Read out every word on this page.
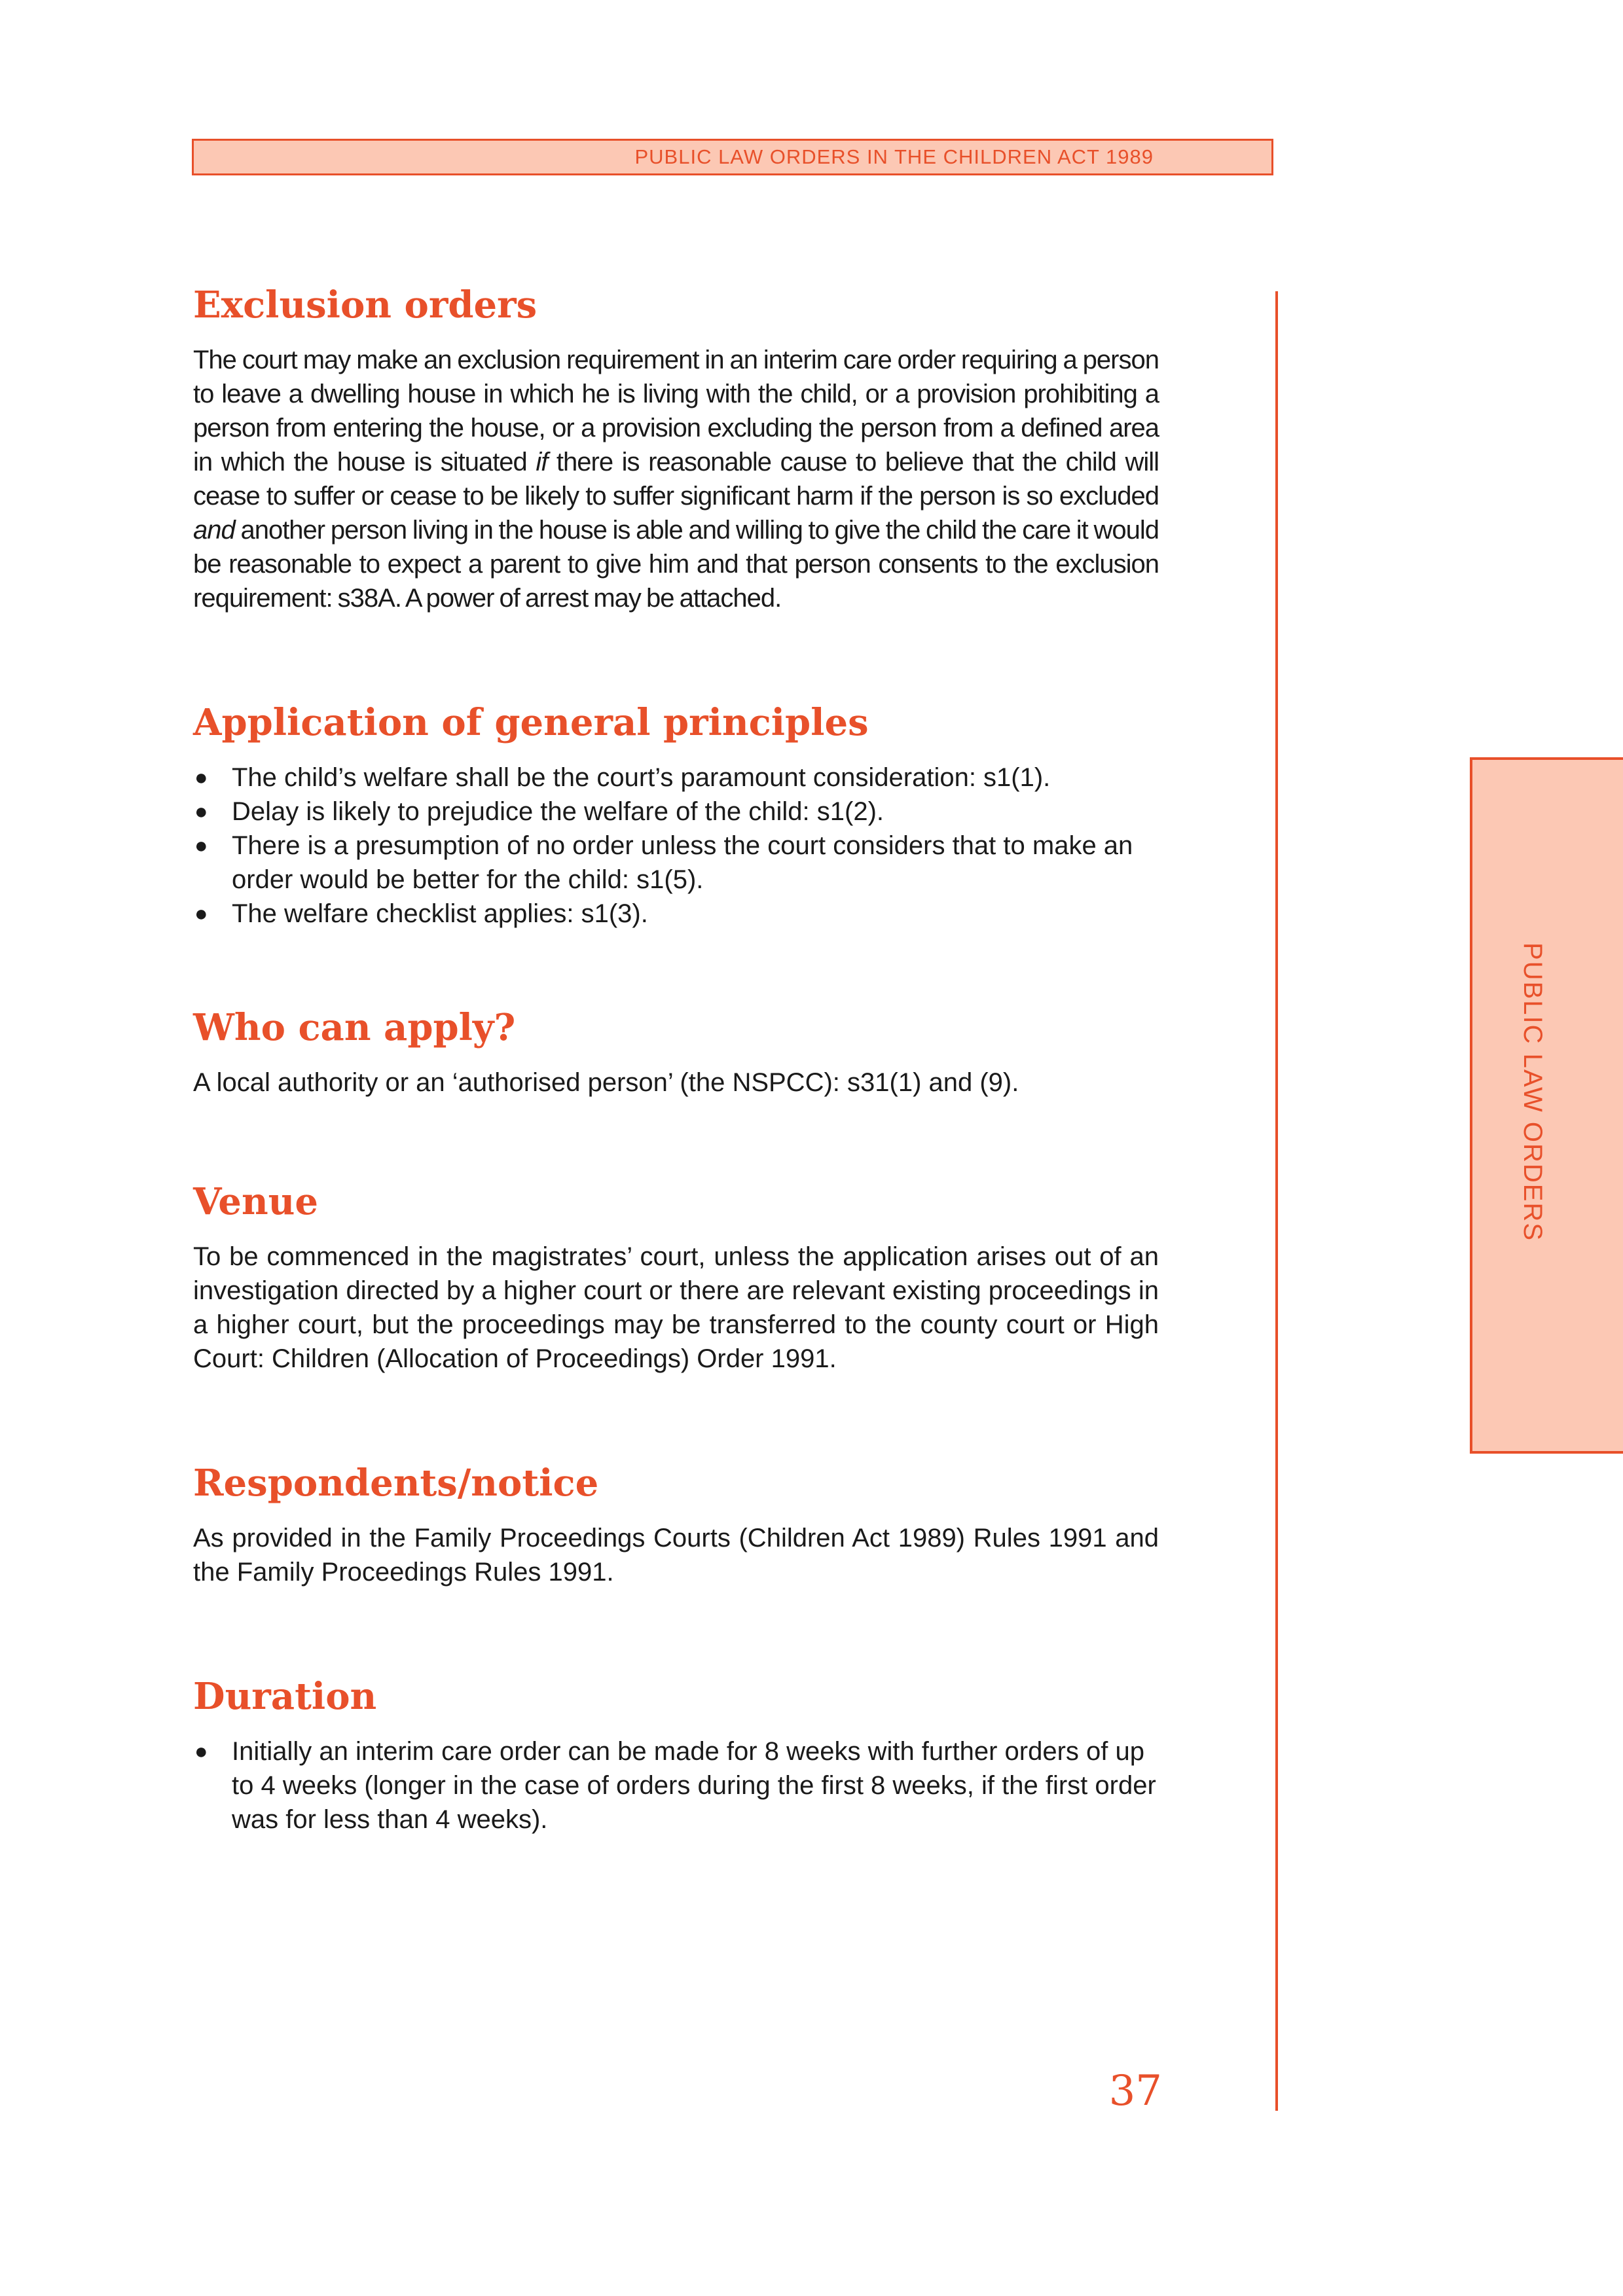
PUBLIC LAW ORDERS IN THE CHILDREN ACT 1989
PUBLIC LAW ORDERS
Exclusion orders

The court may make an exclusion requirement in an interim care order requiring a person to leave a dwelling house in which he is living with the child, or a provision prohibiting a person from entering the house, or a provision excluding the person from a defined area in which the house is situated if there is reasonable cause to believe that the child will cease to suffer or cease to be likely to suffer significant harm if the person is so excluded and another person living in the house is able and willing to give the child the care it would be reasonable to expect a parent to give him and that person consents to the exclusion requirement: s38A. A power of arrest may be attached.

Application of general principles
● The child’s welfare shall be the court’s paramount consideration: s1(1).
● Delay is likely to prejudice the welfare of the child: s1(2).
● There is a presumption of no order unless the court considers that to make an order would be better for the child: s1(5).
● The welfare checklist applies: s1(3).
Who can apply?

A local authority or an ‘authorised person’ (the NSPCC): s31(1) and (9).

Venue

To be commenced in the magistrates’ court, unless the application arises out of an investigation directed by a higher court or there are relevant existing proceedings in a higher court, but the proceedings may be transferred to the county court or High Court: Children (Allocation of Proceedings) Order 1991.

Respondents/notice

As provided in the Family Proceedings Courts (Children Act 1989) Rules 1991 and the Family Proceedings Rules 1991.

Duration
● Initially an interim care order can be made for 8 weeks with further orders of up to 4 weeks (longer in the case of orders during the first 8 weeks, if the first order was for less than 4 weeks).
37
